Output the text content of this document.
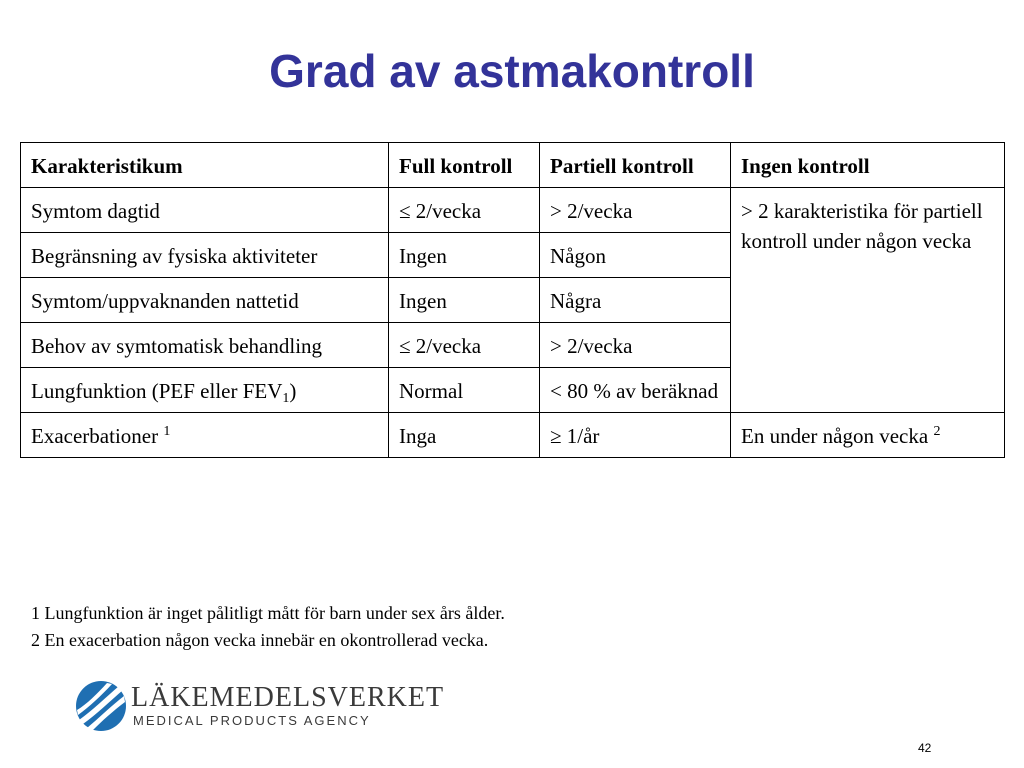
Grad av astmakontroll
Karakteristikum	Full kontroll	Partiell kontroll	Ingen kontroll
Symtom dagtid	≤ 2/vecka	> 2/vecka	> 2 karakteristika för partiell kontroll under någon vecka
Begränsning av fysiska aktiviteter	Ingen	Någon	
Symtom/uppvaknanden nattetid	Ingen	Några	
Behov av symtomatisk behandling	≤ 2/vecka	> 2/vecka	
Lungfunktion (PEF eller $FEV_1$)	Normal	< 80 % av beräknad	
Exacerbationer $^1$	Inga	≥ 1/år	En under någon vecka $^2$
1 Lungfunktion är inget pålitligt mått för barn under sex års ålder.
2 En exacerbation någon vecka innebär en okontrollerad vecka.
LÄKEMEDELSVERKET
MEDICAL PRODUCTS AGENCY
42
